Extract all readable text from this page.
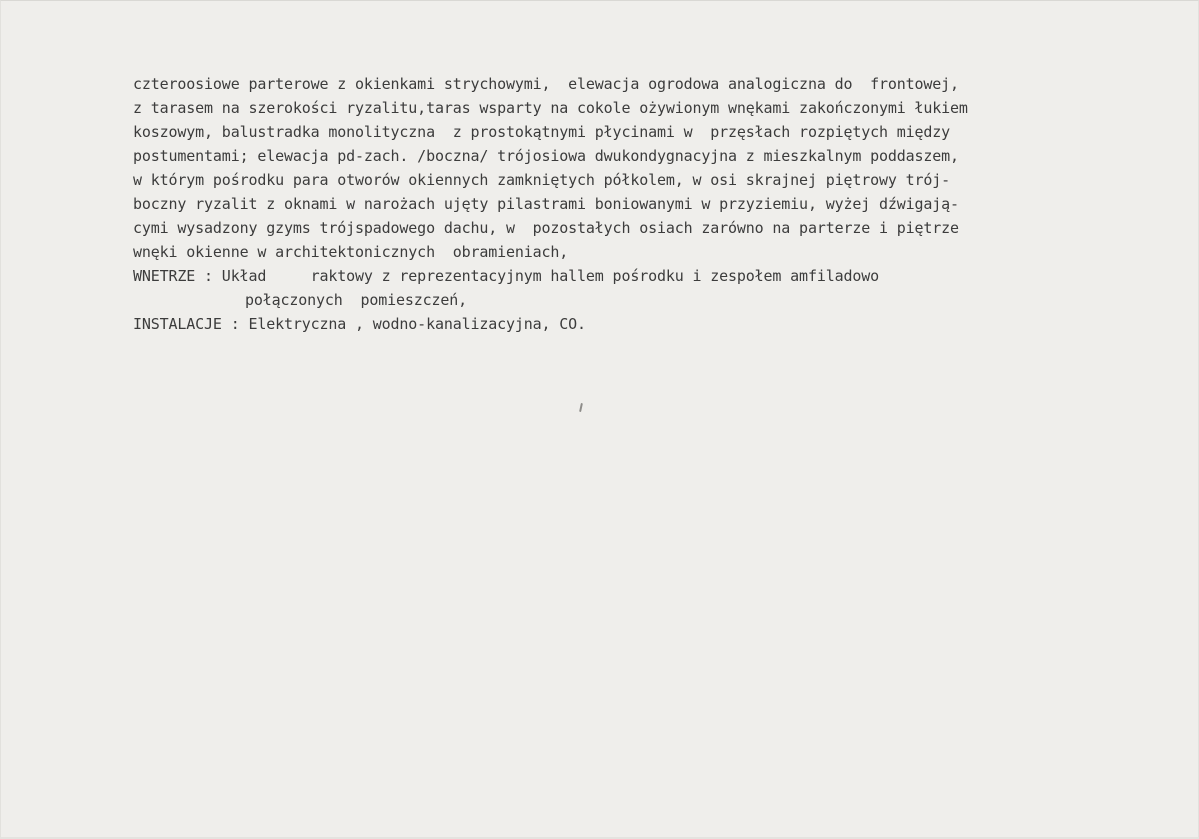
czteroosiowe parterowe z okienkami strychowymi,  elewacja ogrodowa analogiczna do  frontowej,
z tarasem na szerokości ryzalitu,taras wsparty na cokole ożywionym wnękami zakończonymi łukiem
koszowym, balustradka monolityczna  z prostokątnymi płycinami w  przęsłach rozpiętych między
postumentami; elewacja pd-zach. /boczna/ trójosiowa dwukondygnacyjna z mieszkalnym poddaszem,
w którym pośrodku para otworów okiennych zamkniętych półkolem, w osi skrajnej piętrowy trój-
boczny ryzalit z oknami w narożach ujęty pilastrami boniowanymi w przyziemiu, wyżej dźwigają-
cymi wysadzony gzyms trójspadowego dachu, w  pozostałych osiach zarówno na parterze i piętrze
wnęki okienne w architektonicznych  obramieniach,
WNETRZE : Układ     raktowy z reprezentacyjnym hallem pośrodku i zespołem amfiladowo
połączonych  pomieszczeń,
INSTALACJE : Elektryczna , wodno-kanalizacyjna, CO.
